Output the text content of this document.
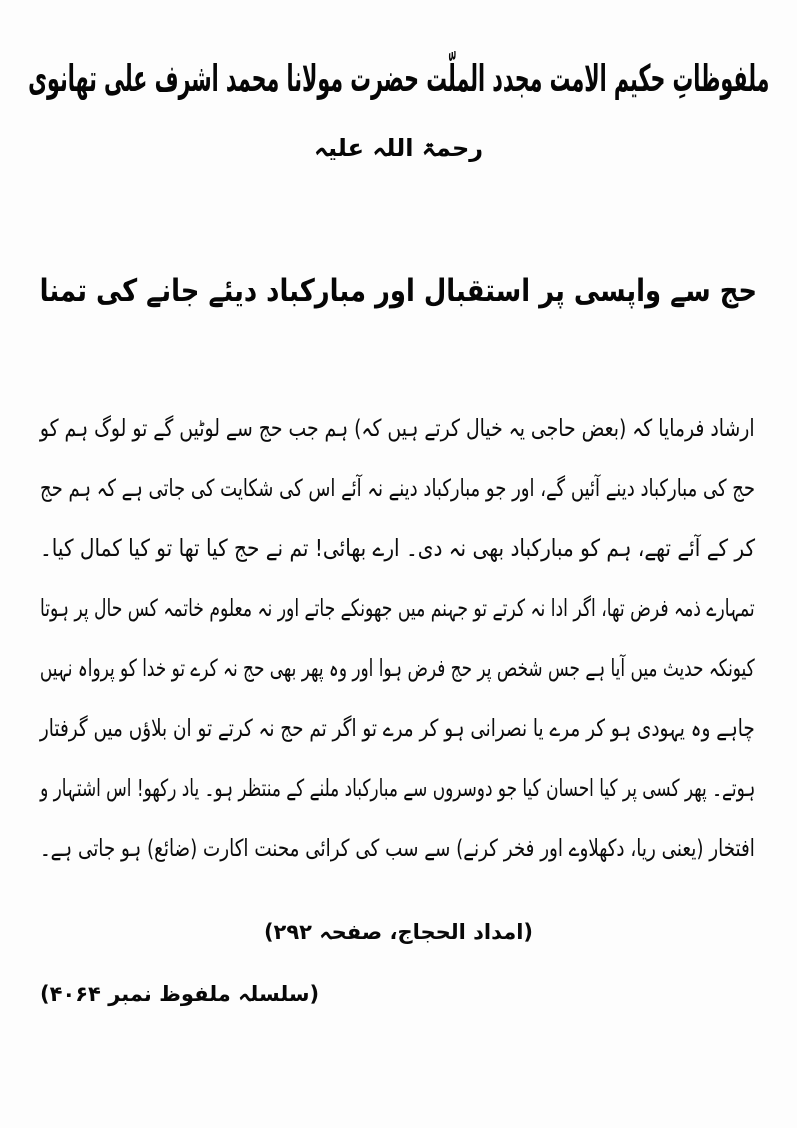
ملفوظاتِ حکیم الامت مجدد الملّت حضرت مولانا محمد اشرف علی تھانوی
رحمۃ اللہ علیہ
حج سے واپسی پر استقبال اور مبارکباد دیئے جانے کی تمنا
ارشاد فرمایا کہ (بعض حاجی یہ خیال کرتے ہیں کہ) ہم جب حج سے لوٹیں گے تو لوگ ہم کو حج کی مبارکباد دینے آئیں گے، اور جو مبارکباد دینے نہ آئے اس کی شکایت کی جاتی ہے کہ ہم حج کر کے آئے تھے، ہم کو مبارکباد بھی نہ دی۔ ارے بھائی! تم نے حج کیا تھا تو کیا کمال کیا۔ تمہارے ذمہ فرض تھا، اگر ادا نہ کرتے تو جہنم میں جھونکے جاتے اور نہ معلوم خاتمہ کس حال پر ہوتا کیونکہ حدیث میں آیا ہے جس شخص پر حج فرض ہوا اور وہ پھر بھی حج نہ کرے تو خدا کو پرواہ نہیں چاہے وہ یہودی ہو کر مرے یا نصرانی ہو کر مرے تو اگر تم حج نہ کرتے تو ان بلاؤں میں گرفتار ہوتے۔ پھر کسی پر کیا احسان کیا جو دوسروں سے مبارکباد ملنے کے منتظر ہو۔ یاد رکھو! اس اشتہار و افتخار (یعنی ریا، دکھلاوے اور فخر کرنے) سے سب کی کرائی محنت اکارت (ضائع) ہو جاتی ہے۔
(امداد الحجاج، صفحہ ۲۹۲)
(سلسلہ ملفوظ نمبر ۴۰۶۴)
